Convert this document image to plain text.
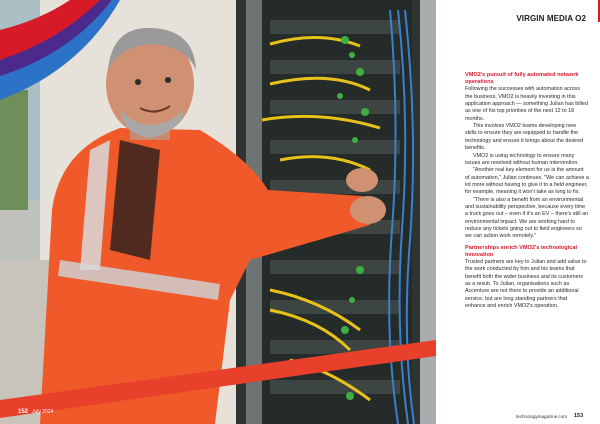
152 July 2024
VIRGIN MEDIA O2
VMO2's pursuit of fully automated network operations

Following the successes with automation across the business, VMO2 is heavily investing in this application approach — something Julian has billed as one of his top priorities of the next 12 to 18 months.

This involves VMO2 teams developing new skills to ensure they are equipped to handle the technology and ensure it brings about the desired benefits.

VMO2 is using technology to ensure many issues are resolved without human intervention.

"Another real key element for us is the amount of automation," Julian continues. "We can achieve a lot more without having to give it to a field engineer, for example, meaning it won't take as long to fix.

"There is also a benefit from an environmental and sustainability perspective, because every time a truck goes out – even if it's an EV – there's still an environmental impact. We are working hard to reduce any tickets going out to field engineers so we can action work remotely."

Partnerships enrich VMO2's technological innovation

Trusted partners are key to Julian and add value to the work conducted by him and his teams that benefit both the wider business and its customers as a result. To Julian, organisations such as Accenture are not there to provide an additional service, but are long standing partners that enhance and enrich VMO2's operation.

technologymagazine.com 153
